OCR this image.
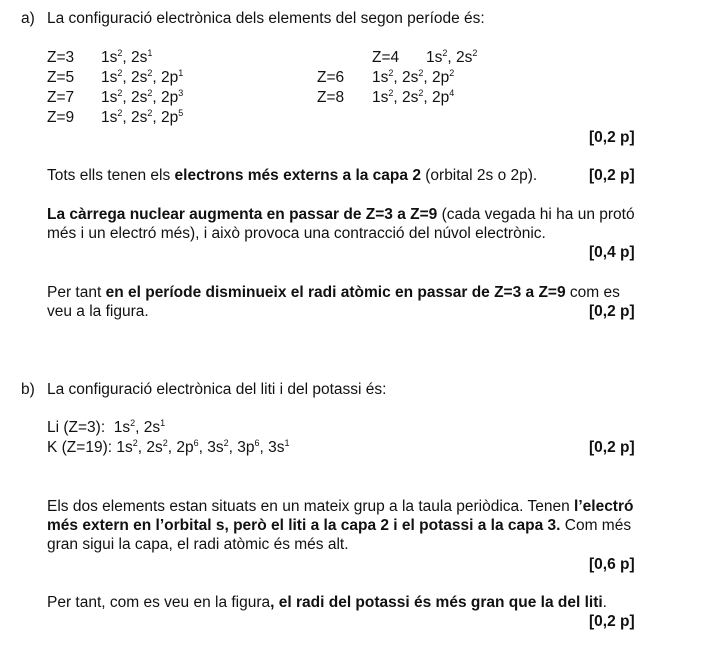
a) La configuració electrònica dels elements del segon període és:
Z=3 $1s^2$, $2s^1$	Z=4 $1s^2$, $2s^2$
Z=5 $1s^2$, $2s^2$, $2p^1$	Z=6 $1s^2$, $2s^2$, $2p^2$
Z=7 $1s^2$, $2s^2$, $2p^3$	Z=8 $1s^2$, $2s^2$, $2p^4$
Z=9 $1s^2$, $2s^2$, $2p^5$
[0,2 p]
Tots ells tenen els electrons més externs a la capa 2 (orbital 2s o 2p).	[0,2 p]
La càrrega nuclear augmenta en passar de Z=3 a Z=9 (cada vegada hi ha un protó
més i un electró més), i això provoca una contracció del núvol electrònic.
[0,4 p]
Per tant en el període disminueix el radi atòmic en passar de Z=3 a Z=9 com es
veu a la figura.	[0,2 p]
b) La configuració electrònica del liti i del potassi és:
Li (Z=3):  $1s^2$, $2s^1$
K (Z=19): $1s^2$, $2s^2$, $2p^6$, $3s^2$, $3p^6$, $3s^1$	[0,2 p]
Els dos elements estan situats en un mateix grup a la taula periòdica. Tenen l’electró
més extern en l’orbital s, però el liti a la capa 2 i el potassi a la capa 3. Com més
gran sigui la capa, el radi atòmic és més alt.
[0,6 p]
Per tant, com es veu en la figura, el radi del potassi és més gran que la del liti.
[0,2 p]
